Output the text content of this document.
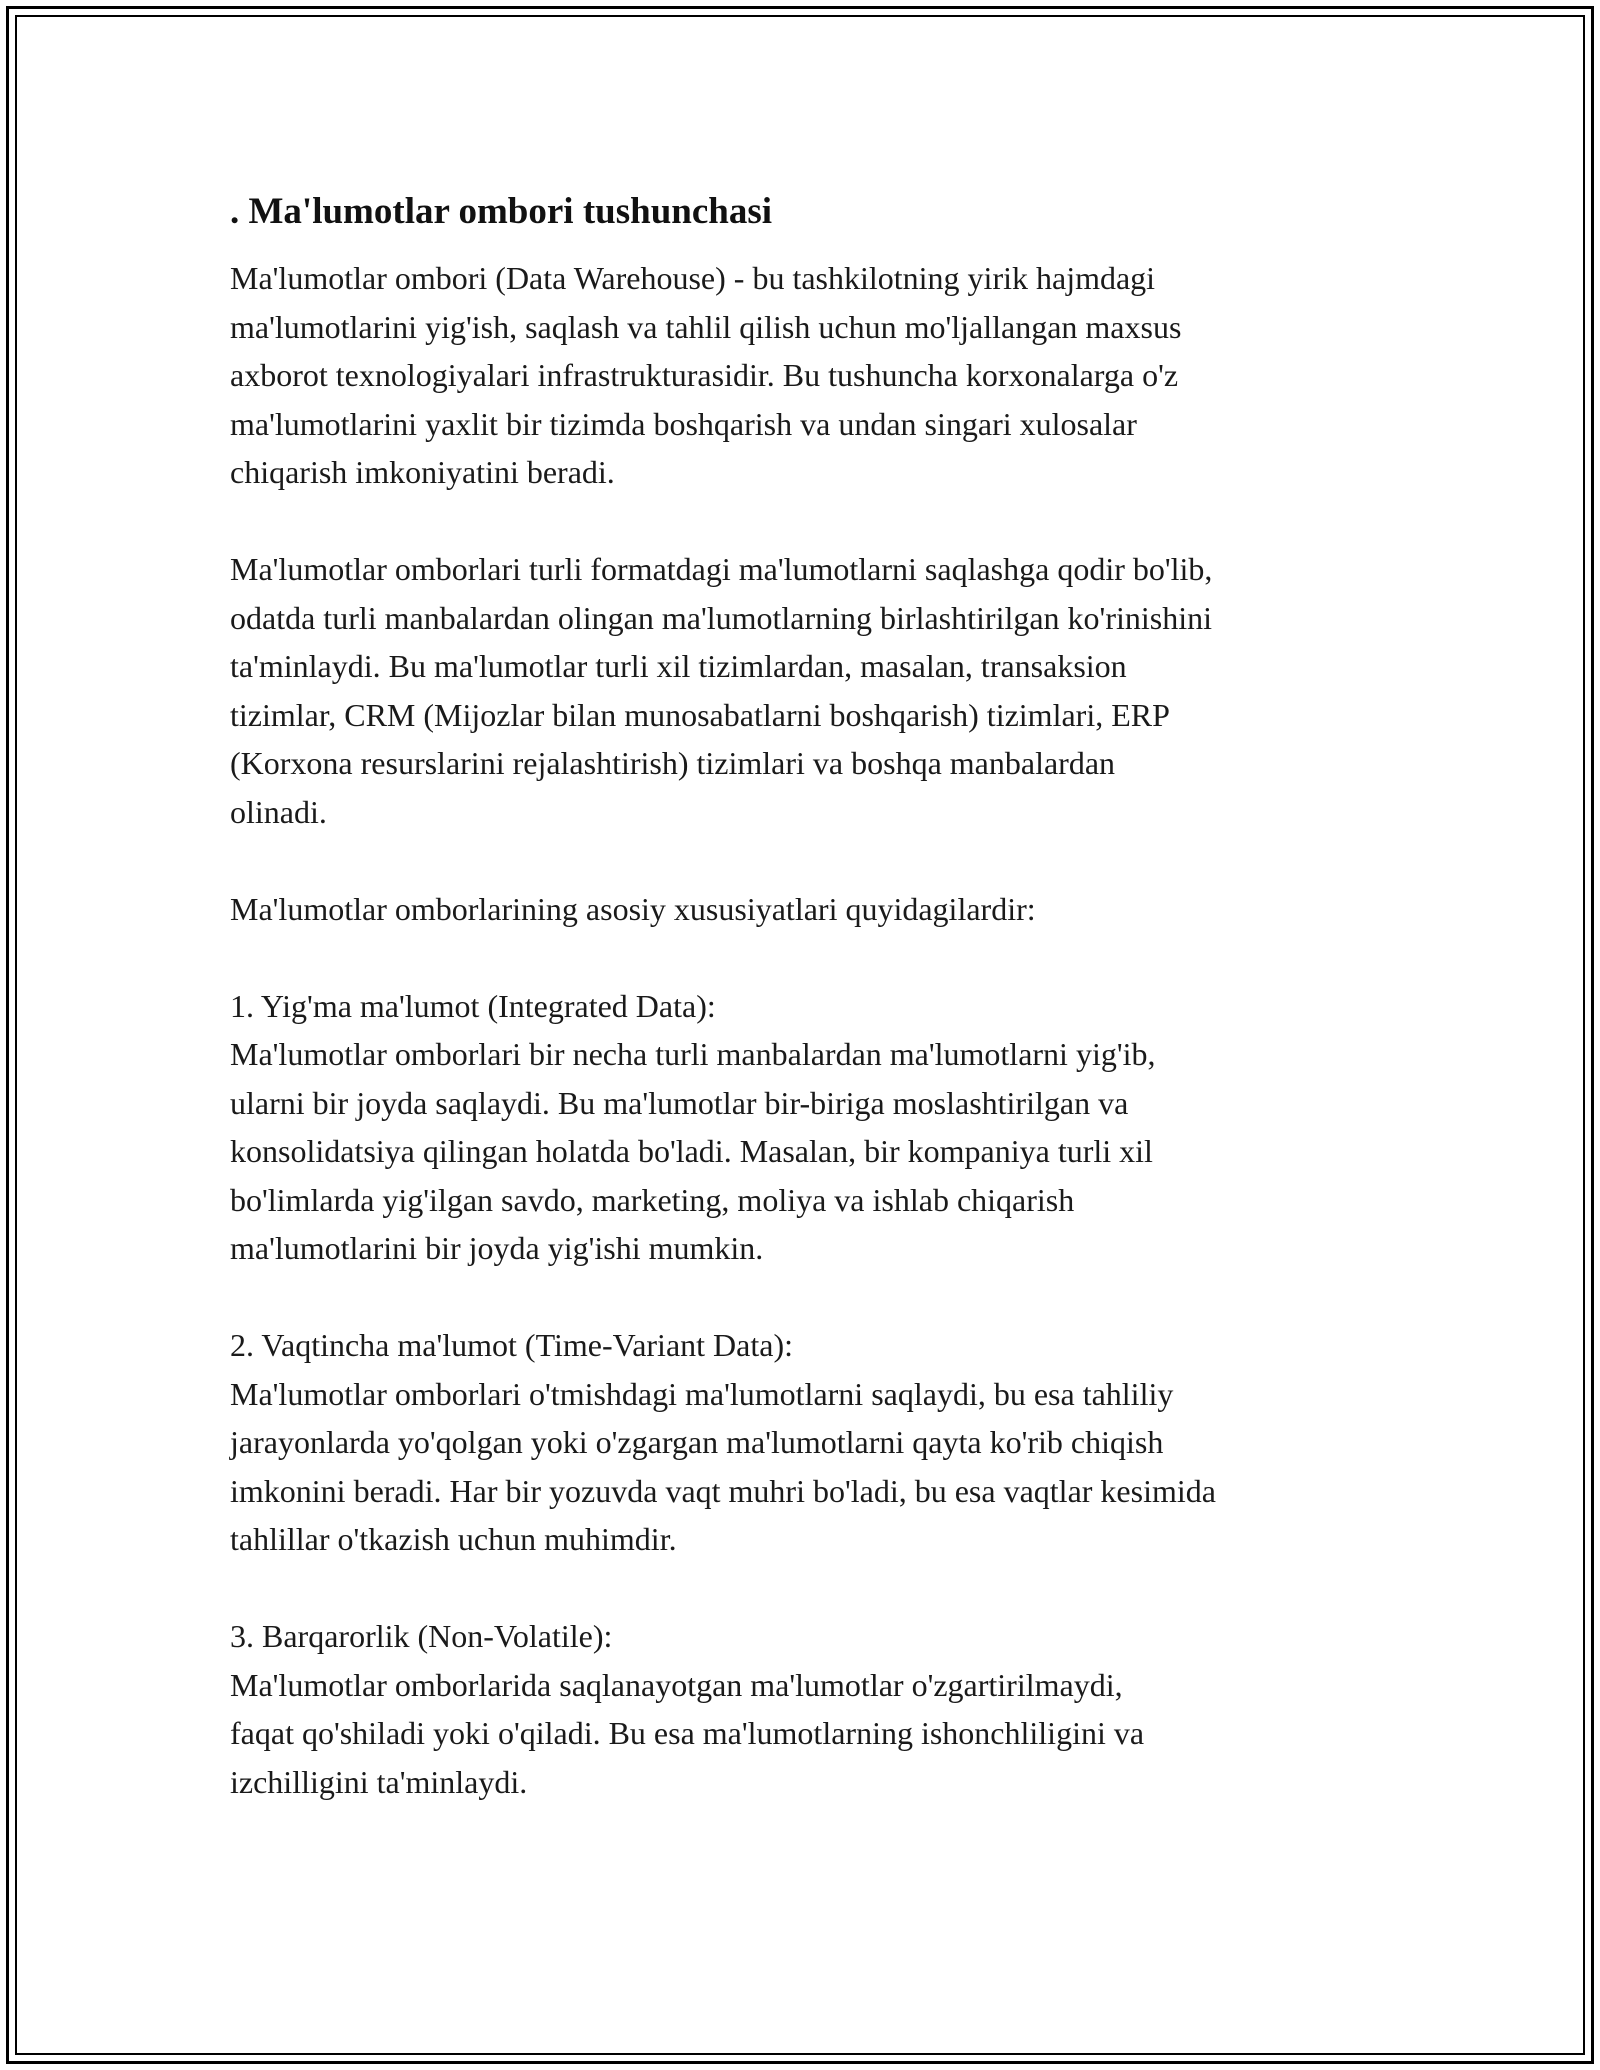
. Ma'lumotlar ombori tushunchasi

Ma'lumotlar ombori (Data Warehouse) - bu tashkilotning yirik hajmdagi
ma'lumotlarini yig'ish, saqlash va tahlil qilish uchun mo'ljallangan maxsus
axborot texnologiyalari infrastrukturasidir. Bu tushuncha korxonalarga o'z
ma'lumotlarini yaxlit bir tizimda boshqarish va undan singari xulosalar
chiqarish imkoniyatini beradi.

Ma'lumotlar omborlari turli formatdagi ma'lumotlarni saqlashga qodir bo'lib,
odatda turli manbalardan olingan ma'lumotlarning birlashtirilgan ko'rinishini
ta'minlaydi. Bu ma'lumotlar turli xil tizimlardan, masalan, transaksion
tizimlar, CRM (Mijozlar bilan munosabatlarni boshqarish) tizimlari, ERP
(Korxona resurslarini rejalashtirish) tizimlari va boshqa manbalardan
olinadi.

Ma'lumotlar omborlarining asosiy xususiyatlari quyidagilardir:

1. Yig'ma ma'lumot (Integrated Data):

Ma'lumotlar omborlari bir necha turli manbalardan ma'lumotlarni yig'ib,
ularni bir joyda saqlaydi. Bu ma'lumotlar bir-biriga moslashtirilgan va
konsolidatsiya qilingan holatda bo'ladi. Masalan, bir kompaniya turli xil
bo'limlarda yig'ilgan savdo, marketing, moliya va ishlab chiqarish
ma'lumotlarini bir joyda yig'ishi mumkin.

2. Vaqtincha ma'lumot (Time-Variant Data):

Ma'lumotlar omborlari o'tmishdagi ma'lumotlarni saqlaydi, bu esa tahliliy
jarayonlarda yo'qolgan yoki o'zgargan ma'lumotlarni qayta ko'rib chiqish
imkonini beradi. Har bir yozuvda vaqt muhri bo'ladi, bu esa vaqtlar kesimida
tahlillar o'tkazish uchun muhimdir.

3. Barqarorlik (Non-Volatile):

Ma'lumotlar omborlarida saqlanayotgan ma'lumotlar o'zgartirilmaydi,
faqat qo'shiladi yoki o'qiladi. Bu esa ma'lumotlarning ishonchliligini va
izchilligini ta'minlaydi.
